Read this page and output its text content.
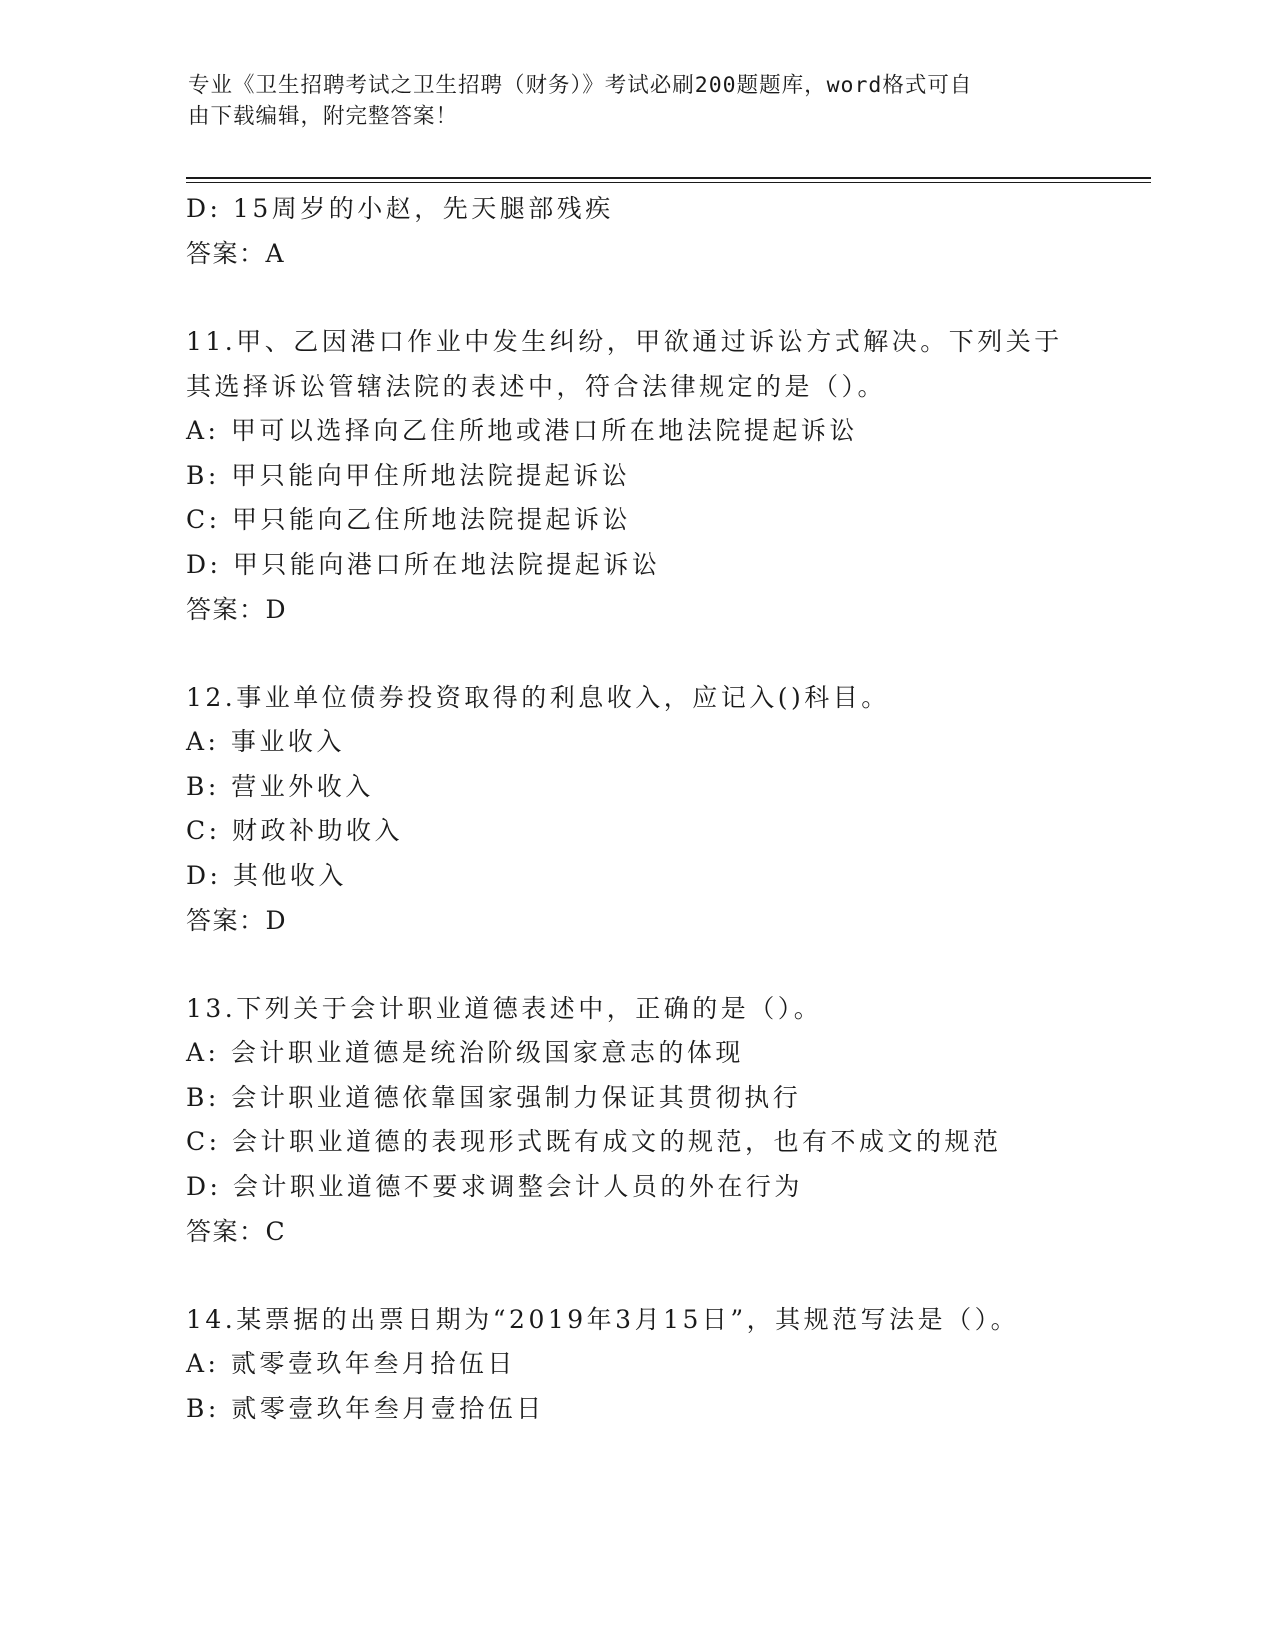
专业《卫生招聘考试之卫生招聘（财务）》考试必刷200题题库，word格式可自
由下载编辑，附完整答案！
D: 15周岁的小赵，先天腿部残疾
答案：A
11.甲、乙因港口作业中发生纠纷，甲欲通过诉讼方式解决。下列关于
其选择诉讼管辖法院的表述中，符合法律规定的是（）。
A: 甲可以选择向乙住所地或港口所在地法院提起诉讼
B: 甲只能向甲住所地法院提起诉讼
C: 甲只能向乙住所地法院提起诉讼
D: 甲只能向港口所在地法院提起诉讼
答案：D
12.事业单位债券投资取得的利息收入，应记入()科目。
A: 事业收入
B: 营业外收入
C: 财政补助收入
D: 其他收入
答案：D
13.下列关于会计职业道德表述中，正确的是（）。
A: 会计职业道德是统治阶级国家意志的体现
B: 会计职业道德依靠国家强制力保证其贯彻执行
C: 会计职业道德的表现形式既有成文的规范，也有不成文的规范
D: 会计职业道德不要求调整会计人员的外在行为
答案：C
14.某票据的出票日期为“2019年3月15日”，其规范写法是（）。
A: 贰零壹玖年叁月拾伍日
B: 贰零壹玖年叁月壹拾伍日
